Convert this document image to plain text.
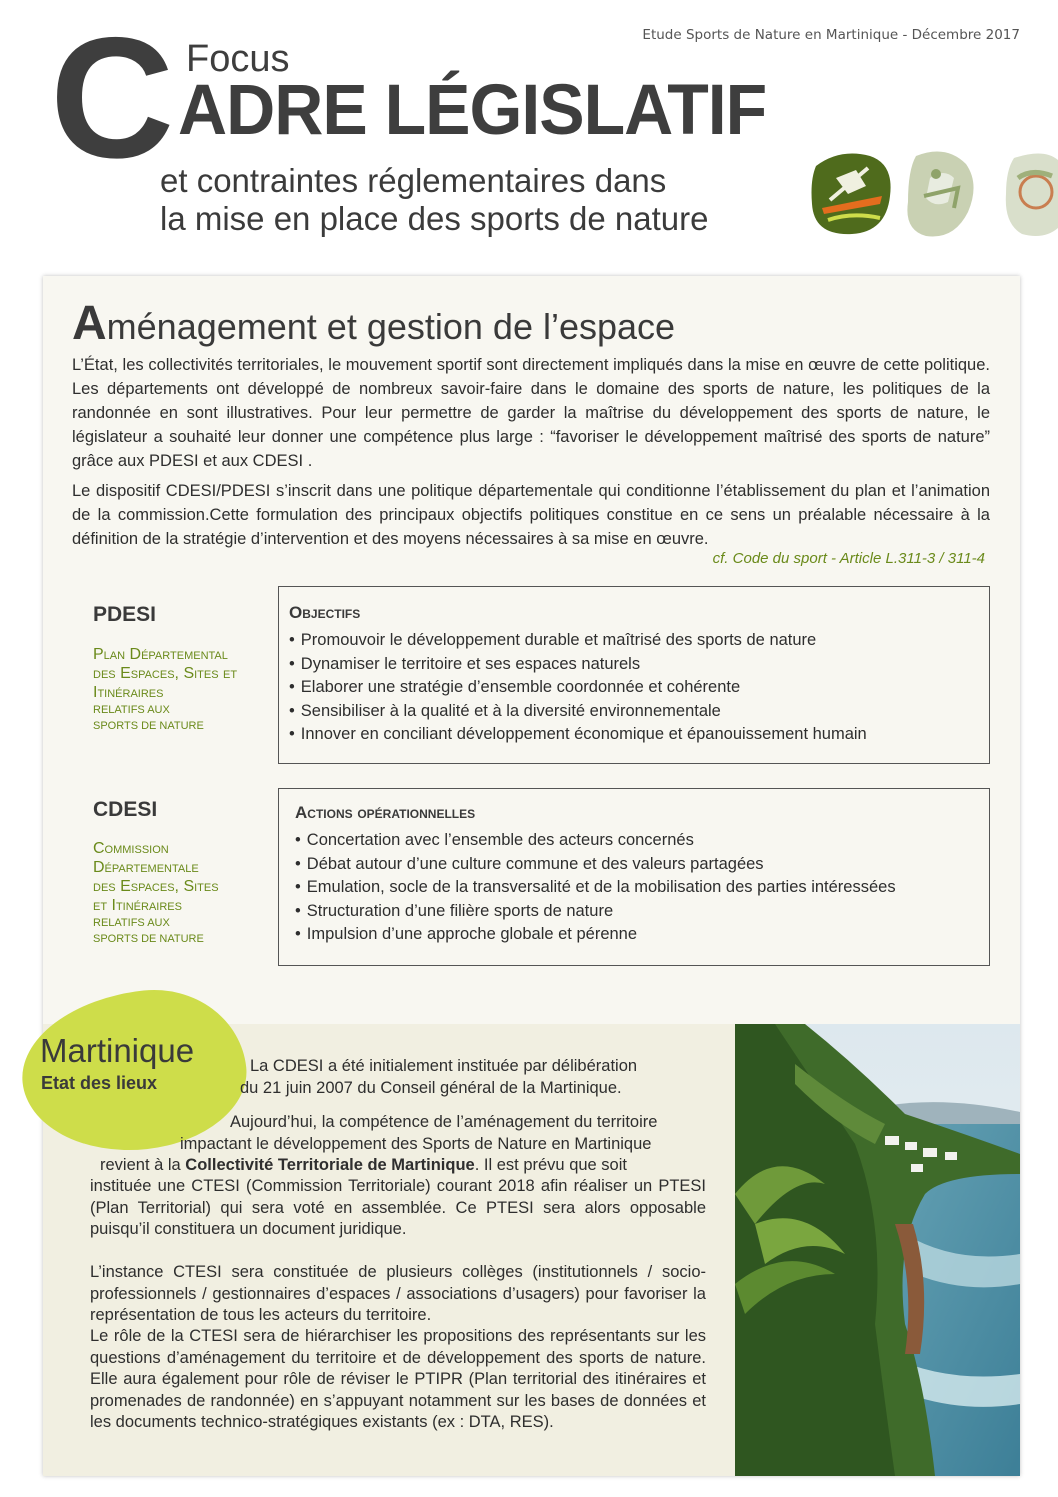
Etude Sports de Nature en Martinique - Décembre 2017
C Focus
ADRE LÉGISLATIF
et contraintes réglementaires dans
la mise en place des sports de nature
Aménagement et gestion de l’espace
L’État, les collectivités territoriales, le mouvement sportif sont directement impliqués dans la mise en œuvre de cette politique. Les départements ont développé de nombreux savoir-faire dans le domaine des sports de nature, les politiques de la randonnée en sont illustratives. Pour leur permettre de garder la maîtrise du développement des sports de nature, le législateur a souhaité leur donner une compétence plus large : “favoriser le développement maîtrisé des sports de nature” grâce aux PDESI et aux CDESI .
Le dispositif CDESI/PDESI s’inscrit dans une politique départementale qui conditionne l’établissement du plan et l’animation de la commission.Cette formulation des principaux objectifs politiques constitue en ce sens un préalable nécessaire à la définition de la stratégie d’intervention et des moyens nécessaires à sa mise en œuvre.
cf. Code du sport - Article L.311-3 / 311-4
PDESI
Plan Départemental
des Espaces, Sites et
Itinéraires
RELATIFS AUX
SPORTS DE NATURE
Objectifs
• Promouvoir le développement durable et maîtrisé des sports de nature
• Dynamiser le territoire et ses espaces naturels
• Elaborer une stratégie d’ensemble coordonnée et cohérente
• Sensibiliser à la qualité et à la diversité environnementale
• Innover en conciliant développement économique et épanouissement humain
CDESI
Commission
Départementale
des Espaces, Sites
et Itinéraires
RELATIFS AUX
SPORTS DE NATURE
Actions opérationnelles
• Concertation avec l’ensemble des acteurs concernés
• Débat autour d’une culture commune et des valeurs partagées
• Emulation, socle de la transversalité et de la mobilisation des parties intéressées
• Structuration d’une filière sports de nature
• Impulsion d’une approche globale et pérenne
Martinique
Etat des lieux
La CDESI a été initialement instituée par délibération
du 21 juin 2007 du Conseil général de la Martinique.
Aujourd’hui, la compétence de l’aménagement du territoire
impactant le développement des Sports de Nature en Martinique
revient à la Collectivité Territoriale de Martinique. Il est prévu que soit
instituée une CTESI (Commission Territoriale) courant 2018 afin réaliser un PTESI (Plan Territorial) qui sera voté en assemblée. Ce PTESI sera alors opposable puisqu’il constituera un document juridique.
L’instance CTESI sera constituée de plusieurs collèges (institutionnels / socio-professionnels / gestionnaires d’espaces / associations d’usagers) pour favoriser la représentation de tous les acteurs du territoire.
Le rôle de la CTESI sera de hiérarchiser les propositions des représentants sur les questions d’aménagement du territoire et de développement des sports de nature. Elle aura également pour rôle de réviser le PTIPR (Plan territorial des itinéraires et promenades de randonnée) en s’appuyant notamment sur les bases de données et les documents technico-stratégiques existants (ex : DTA, RES).
